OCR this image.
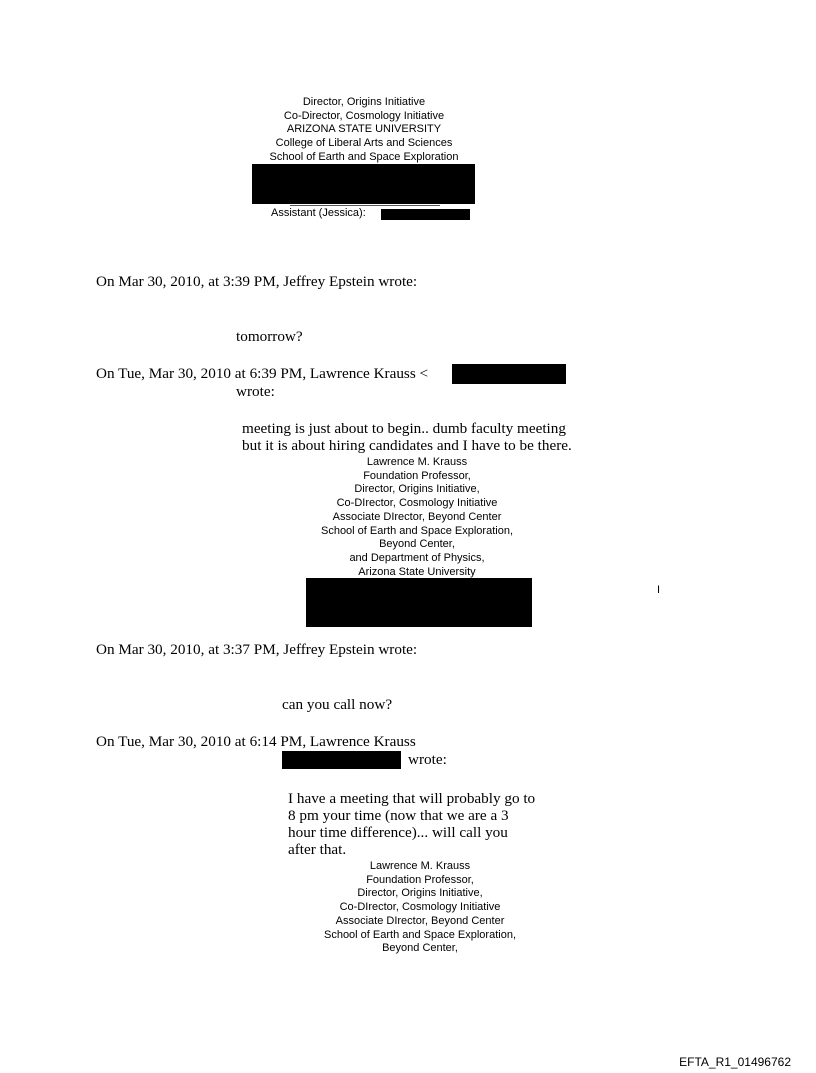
Director, Origins Initiative
Co-Director, Cosmology Initiative
ARIZONA STATE UNIVERSITY
College of Liberal Arts and Sciences
School of Earth and Space Exploration
Assistant (Jessica):
On Mar 30, 2010, at 3:39 PM, Jeffrey Epstein wrote:
tomorrow?
On Tue, Mar 30, 2010 at 6:39 PM, Lawrence Krauss <
wrote:
meeting is just about to begin.. dumb faculty meeting
but it is about hiring candidates and I have to be there.
Lawrence M. Krauss
Foundation Professor,
Director, Origins Initiative,
Co-DIrector, Cosmology Initiative
Associate DIrector, Beyond Center
School of Earth and Space Exploration,
Beyond Center,
and Department of Physics,
Arizona State University
I
On Mar 30, 2010, at 3:37 PM, Jeffrey Epstein wrote:
can you call now?
On Tue, Mar 30, 2010 at 6:14 PM, Lawrence Krauss
wrote:
I have a meeting that will probably go to
8 pm your time (now that we are a 3
hour time difference)... will call you
after that.
Lawrence M. Krauss
Foundation Professor,
Director, Origins Initiative,
Co-DIrector, Cosmology Initiative
Associate DIrector, Beyond Center
School of Earth and Space Exploration,
Beyond Center,
EFTA_R1_01496762
